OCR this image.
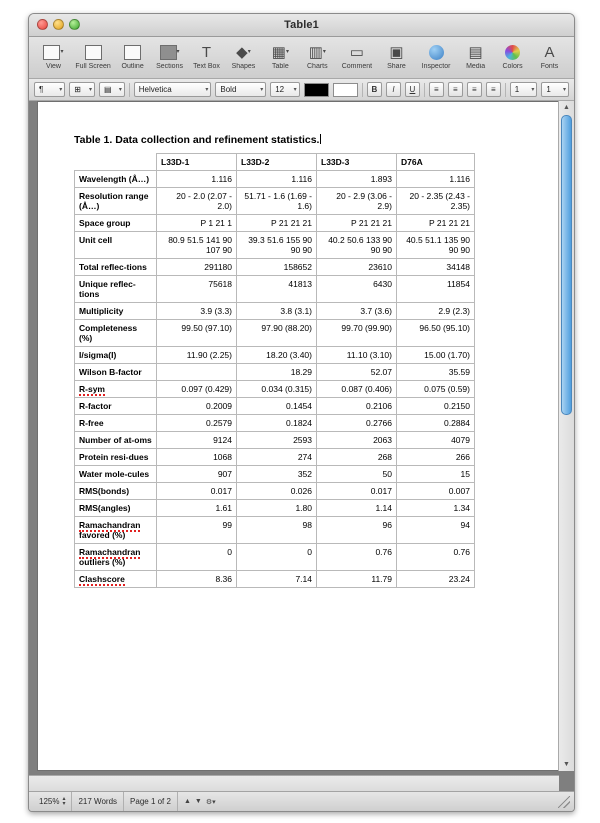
Table1
▾
View	Full Screen	Outline
▾
Sections
T
Text Box
◆ ▾
Shapes
▦ ▾
Table
▥ ▾
Charts
▭
Comment
▣
Share	Inspector
▤
Media	Colors
A
Fonts
¶	▾ ⊞ ▾ ▤ ▾ Helvetica	▾ Bold	▾ 12 ▾	B	I	U	≡	≡	≡	≡	1 ▾ 1 ▾
Table 1. Data collection and refinement statistics.
	L33D-1	L33D-2	L33D-3	D76A
Wavelength (Å…)	1.116	1.116	1.893	1.116
Resolution range (Å…)	20 - 2.0 (2.07 - 2.0)	51.71 - 1.6 (1.69 - 1.6)	20 - 2.9 (3.06 - 2.9)	20 - 2.35 (2.43 - 2.35)
Space group	P 1 21 1	P 21 21 21	P 21 21 21	P 21 21 21
Unit cell	80.9 51.5 141 90 107 90	39.3 51.6 155 90 90 90	40.2 50.6 133 90 90 90	40.5 51.1 135 90 90 90
Total reflec-tions	291180	158652	23610	34148
Unique reflec-tions	75618	41813	6430	11854
Multiplicity	3.9 (3.3)	3.8 (3.1)	3.7 (3.6)	2.9 (2.3)
Completeness (%)	99.50 (97.10)	97.90 (88.20)	99.70 (99.90)	96.50 (95.10)
I/sigma(I)	11.90 (2.25)	18.20 (3.40)	11.10 (3.10)	15.00 (1.70)
Wilson B-factor		18.29	52.07	35.59
R-sym	0.097 (0.429)	0.034 (0.315)	0.087 (0.406)	0.075 (0.59)
R-factor	0.2009	0.1454	0.2106	0.2150
R-free	0.2579	0.1824	0.2766	0.2884
Number of at-oms	9124	2593	2063	4079
Protein resi-dues	1068	274	268	266
Water mole-cules	907	352	50	15
RMS(bonds)	0.017	0.026	0.017	0.007
RMS(angles)	1.61	1.80	1.14	1.34
Ramachandran favored (%)	99	98	96	94
Ramachandran outliers (%)	0	0	0.76	0.76
Clashscore	8.36	7.14	11.79	23.24
▲
▼
125% ▴
▾	217 Words	Page 1 of 2	▲ ▼ ⚙▾
